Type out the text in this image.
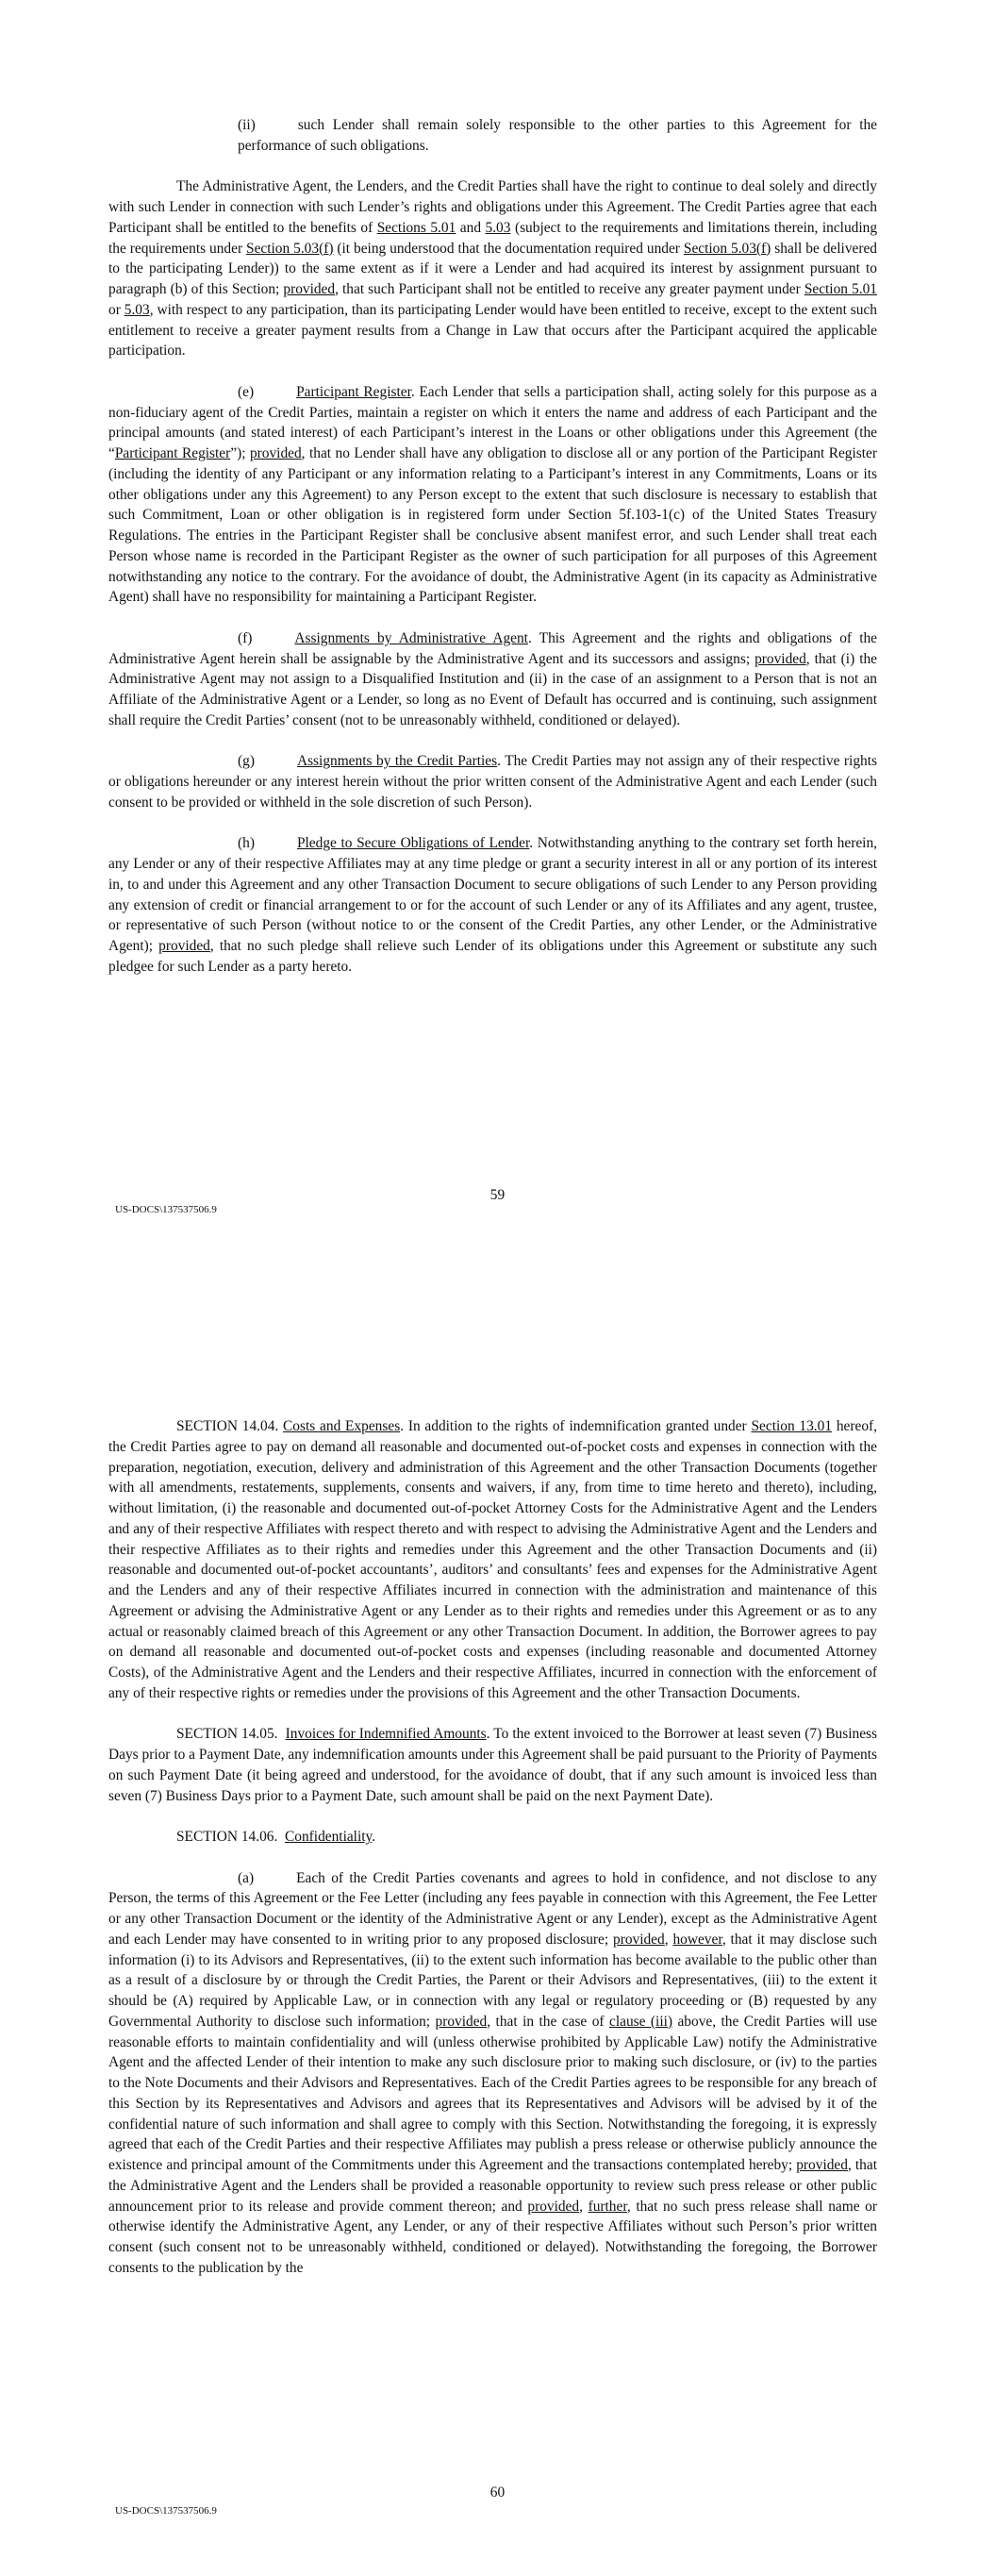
(ii)	such Lender shall remain solely responsible to the other parties to this Agreement for the performance of such obligations.

The Administrative Agent, the Lenders, and the Credit Parties shall have the right to continue to deal solely and directly with such Lender in connection with such Lender’s rights and obligations under this Agreement. The Credit Parties agree that each Participant shall be entitled to the benefits of Sections 5.01 and 5.03 (subject to the requirements and limitations therein, including the requirements under Section 5.03(f) (it being understood that the documentation required under Section 5.03(f) shall be delivered to the participating Lender)) to the same extent as if it were a Lender and had acquired its interest by assignment pursuant to paragraph (b) of this Section; provided, that such Participant shall not be entitled to receive any greater payment under Section 5.01 or 5.03, with respect to any participation, than its participating Lender would have been entitled to receive, except to the extent such entitlement to receive a greater payment results from a Change in Law that occurs after the Participant acquired the applicable participation.

(e)	Participant Register. Each Lender that sells a participation shall, acting solely for this purpose as a non-fiduciary agent of the Credit Parties, maintain a register on which it enters the name and address of each Participant and the principal amounts (and stated interest) of each Participant’s interest in the Loans or other obligations under this Agreement (the “Participant Register”); provided, that no Lender shall have any obligation to disclose all or any portion of the Participant Register (including the identity of any Participant or any information relating to a Participant’s interest in any Commitments, Loans or its other obligations under any this Agreement) to any Person except to the extent that such disclosure is necessary to establish that such Commitment, Loan or other obligation is in registered form under Section 5f.103-1(c) of the United States Treasury Regulations. The entries in the Participant Register shall be conclusive absent manifest error, and such Lender shall treat each Person whose name is recorded in the Participant Register as the owner of such participation for all purposes of this Agreement notwithstanding any notice to the contrary. For the avoidance of doubt, the Administrative Agent (in its capacity as Administrative Agent) shall have no responsibility for maintaining a Participant Register.

(f)	Assignments by Administrative Agent. This Agreement and the rights and obligations of the Administrative Agent herein shall be assignable by the Administrative Agent and its successors and assigns; provided, that (i) the Administrative Agent may not assign to a Disqualified Institution and (ii) in the case of an assignment to a Person that is not an Affiliate of the Administrative Agent or a Lender, so long as no Event of Default has occurred and is continuing, such assignment shall require the Credit Parties’ consent (not to be unreasonably withheld, conditioned or delayed).

(g)	Assignments by the Credit Parties. The Credit Parties may not assign any of their respective rights or obligations hereunder or any interest herein without the prior written consent of the Administrative Agent and each Lender (such consent to be provided or withheld in the sole discretion of such Person).

(h)	Pledge to Secure Obligations of Lender. Notwithstanding anything to the contrary set forth herein, any Lender or any of their respective Affiliates may at any time pledge or grant a security interest in all or any portion of its interest in, to and under this Agreement and any other Transaction Document to secure obligations of such Lender to any Person providing any extension of credit or financial arrangement to or for the account of such Lender or any of its Affiliates and any agent, trustee, or representative of such Person (without notice to or the consent of the Credit Parties, any other Lender, or the Administrative Agent); provided, that no such pledge shall relieve such Lender of its obligations under this Agreement or substitute any such pledgee for such Lender as a party hereto.

59
US-DOCS\137537506.9

SECTION 14.04. Costs and Expenses. In addition to the rights of indemnification granted under Section 13.01 hereof, the Credit Parties agree to pay on demand all reasonable and documented out-of-pocket costs and expenses in connection with the preparation, negotiation, execution, delivery and administration of this Agreement and the other Transaction Documents (together with all amendments, restatements, supplements, consents and waivers, if any, from time to time hereto and thereto), including, without limitation, (i) the reasonable and documented out-of-pocket Attorney Costs for the Administrative Agent and the Lenders and any of their respective Affiliates with respect thereto and with respect to advising the Administrative Agent and the Lenders and their respective Affiliates as to their rights and remedies under this Agreement and the other Transaction Documents and (ii) reasonable and documented out-of-pocket accountants’, auditors’ and consultants’ fees and expenses for the Administrative Agent and the Lenders and any of their respective Affiliates incurred in connection with the administration and maintenance of this Agreement or advising the Administrative Agent or any Lender as to their rights and remedies under this Agreement or as to any actual or reasonably claimed breach of this Agreement or any other Transaction Document. In addition, the Borrower agrees to pay on demand all reasonable and documented out-of-pocket costs and expenses (including reasonable and documented Attorney Costs), of the Administrative Agent and the Lenders and their respective Affiliates, incurred in connection with the enforcement of any of their respective rights or remedies under the provisions of this Agreement and the other Transaction Documents.

SECTION 14.05. Invoices for Indemnified Amounts. To the extent invoiced to the Borrower at least seven (7) Business Days prior to a Payment Date, any indemnification amounts under this Agreement shall be paid pursuant to the Priority of Payments on such Payment Date (it being agreed and understood, for the avoidance of doubt, that if any such amount is invoiced less than seven (7) Business Days prior to a Payment Date, such amount shall be paid on the next Payment Date).

SECTION 14.06. Confidentiality.

(a)	Each of the Credit Parties covenants and agrees to hold in confidence, and not disclose to any Person, the terms of this Agreement or the Fee Letter (including any fees payable in connection with this Agreement, the Fee Letter or any other Transaction Document or the identity of the Administrative Agent or any Lender), except as the Administrative Agent and each Lender may have consented to in writing prior to any proposed disclosure; provided, however, that it may disclose such information (i) to its Advisors and Representatives, (ii) to the extent such information has become available to the public other than as a result of a disclosure by or through the Credit Parties, the Parent or their Advisors and Representatives, (iii) to the extent it should be (A) required by Applicable Law, or in connection with any legal or regulatory proceeding or (B) requested by any Governmental Authority to disclose such information; provided, that in the case of clause (iii) above, the Credit Parties will use reasonable efforts to maintain confidentiality and will (unless otherwise prohibited by Applicable Law) notify the Administrative Agent and the affected Lender of their intention to make any such disclosure prior to making such disclosure, or (iv) to the parties to the Note Documents and their Advisors and Representatives. Each of the Credit Parties agrees to be responsible for any breach of this Section by its Representatives and Advisors and agrees that its Representatives and Advisors will be advised by it of the confidential nature of such information and shall agree to comply with this Section. Notwithstanding the foregoing, it is expressly agreed that each of the Credit Parties and their respective Affiliates may publish a press release or otherwise publicly announce the existence and principal amount of the Commitments under this Agreement and the transactions contemplated hereby; provided, that the Administrative Agent and the Lenders shall be provided a reasonable opportunity to review such press release or other public announcement prior to its release and provide comment thereon; and provided, further, that no such press release shall name or otherwise identify the Administrative Agent, any Lender, or any of their respective Affiliates without such Person’s prior written consent (such consent not to be unreasonably withheld, conditioned or delayed). Notwithstanding the foregoing, the Borrower consents to the publication by the

60
US-DOCS\137537506.9
